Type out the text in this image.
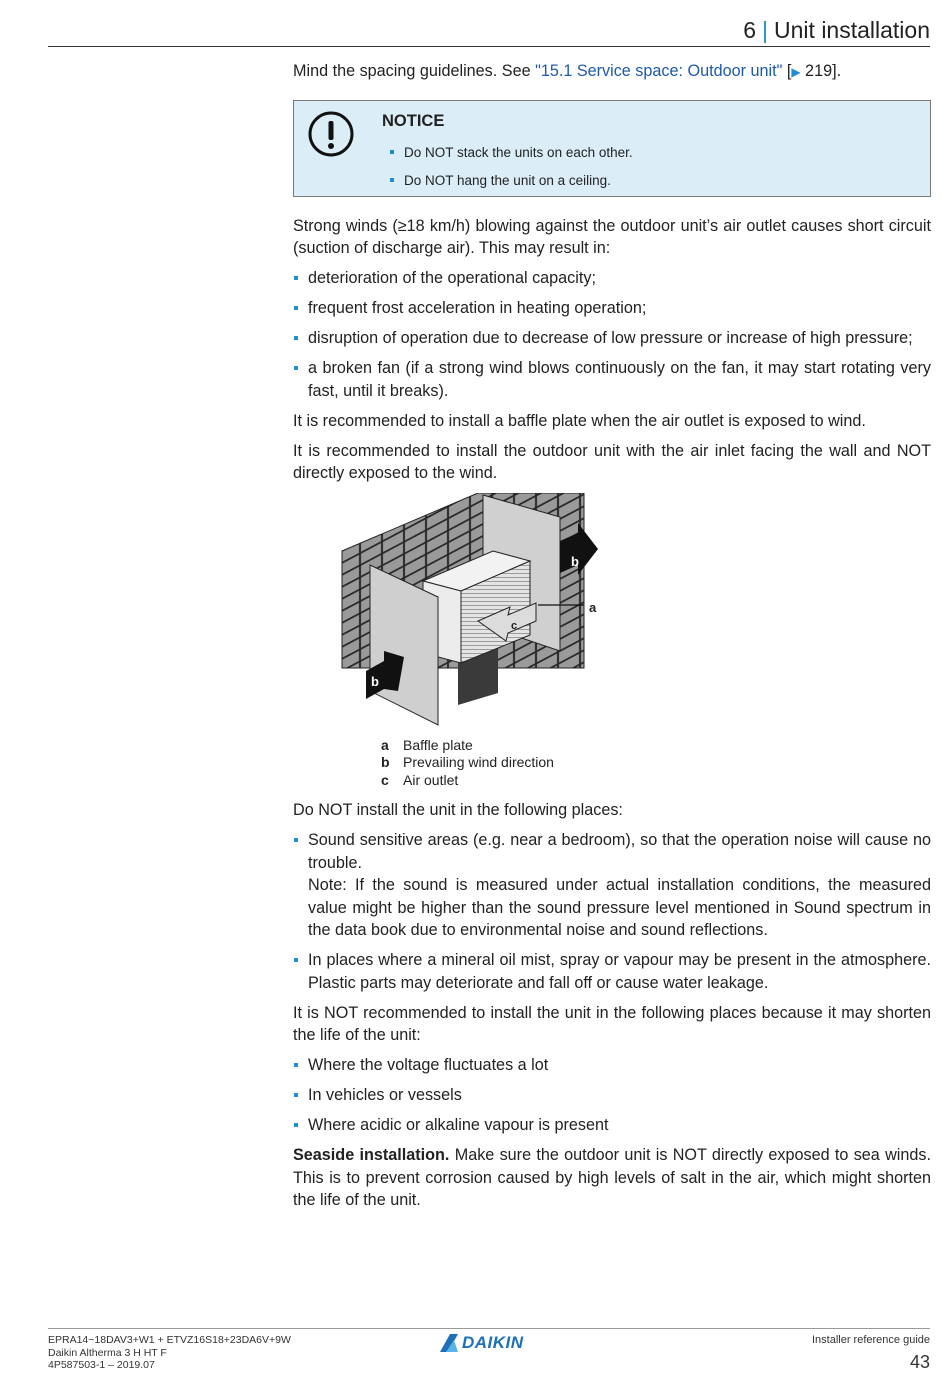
6 | Unit installation

Mind the spacing guidelines. See "15.1 Service space: Outdoor unit" [▶ 219].

NOTICE
Do NOT stack the units on each other.
Do NOT hang the unit on a ceiling.

Strong winds (≥18 km/h) blowing against the outdoor unit’s air outlet causes short circuit (suction of discharge air). This may result in:

deterioration of the operational capacity;
frequent frost acceleration in heating operation;
disruption of operation due to decrease of low pressure or increase of high pressure;
a broken fan (if a strong wind blows continuously on the fan, it may start rotating very fast, until it breaks).

It is recommended to install a baffle plate when the air outlet is exposed to wind.

It is recommended to install the outdoor unit with the air inlet facing the wall and NOT directly exposed to the wind.

a
b
b
c
a	Baffle plate
b Prevailing wind direction
c	Air outlet

Do NOT install the unit in the following places:

Sound sensitive areas (e.g. near a bedroom), so that the operation noise will cause no trouble.
Note: If the sound is measured under actual installation conditions, the measured value might be higher than the sound pressure level mentioned in Sound spectrum in the data book due to environmental noise and sound reflections.
In places where a mineral oil mist, spray or vapour may be present in the atmosphere. Plastic parts may deteriorate and fall off or cause water leakage.

It is NOT recommended to install the unit in the following places because it may shorten the life of the unit:

Where the voltage fluctuates a lot
In vehicles or vessels
Where acidic or alkaline vapour is present

Seaside installation. Make sure the outdoor unit is NOT directly exposed to sea winds. This is to prevent corrosion caused by high levels of salt in the air, which might shorten the life of the unit.

EPRA14~18DAV3+W1 + ETVZ16S18+23DA6V+9W
Daikin Altherma 3 H HT F
4P587503-1 – 2019.07
DAIKIN	Installer reference guide
43
